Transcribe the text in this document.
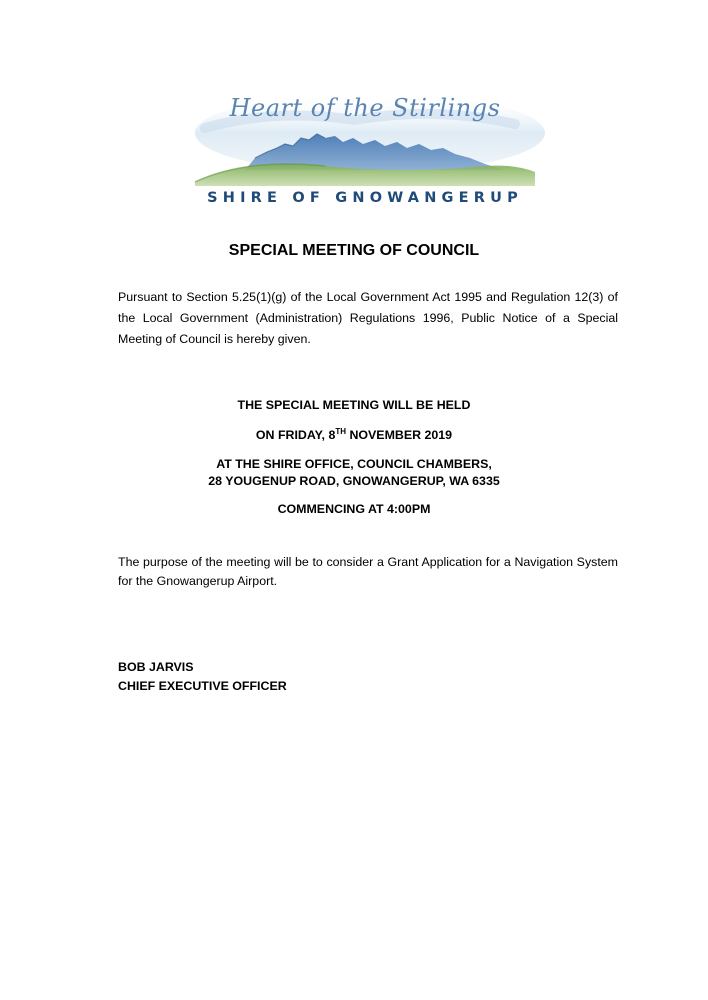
Heart of the Stirlings
SHIRE OF GNOWANGERUP
SPECIAL MEETING OF COUNCIL
Pursuant to Section 5.25(1)(g) of the Local Government Act 1995 and Regulation 12(3) of the Local Government (Administration) Regulations 1996, Public Notice of a Special Meeting of Council is hereby given.
THE SPECIAL MEETING WILL BE HELD
ON FRIDAY, 8TH NOVEMBER 2019
AT THE SHIRE OFFICE, COUNCIL CHAMBERS,
28 YOUGENUP ROAD, GNOWANGERUP, WA 6335
COMMENCING AT 4:00PM
The purpose of the meeting will be to consider a Grant Application for a Navigation System for the Gnowangerup Airport.
BOB JARVIS
CHIEF EXECUTIVE OFFICER
